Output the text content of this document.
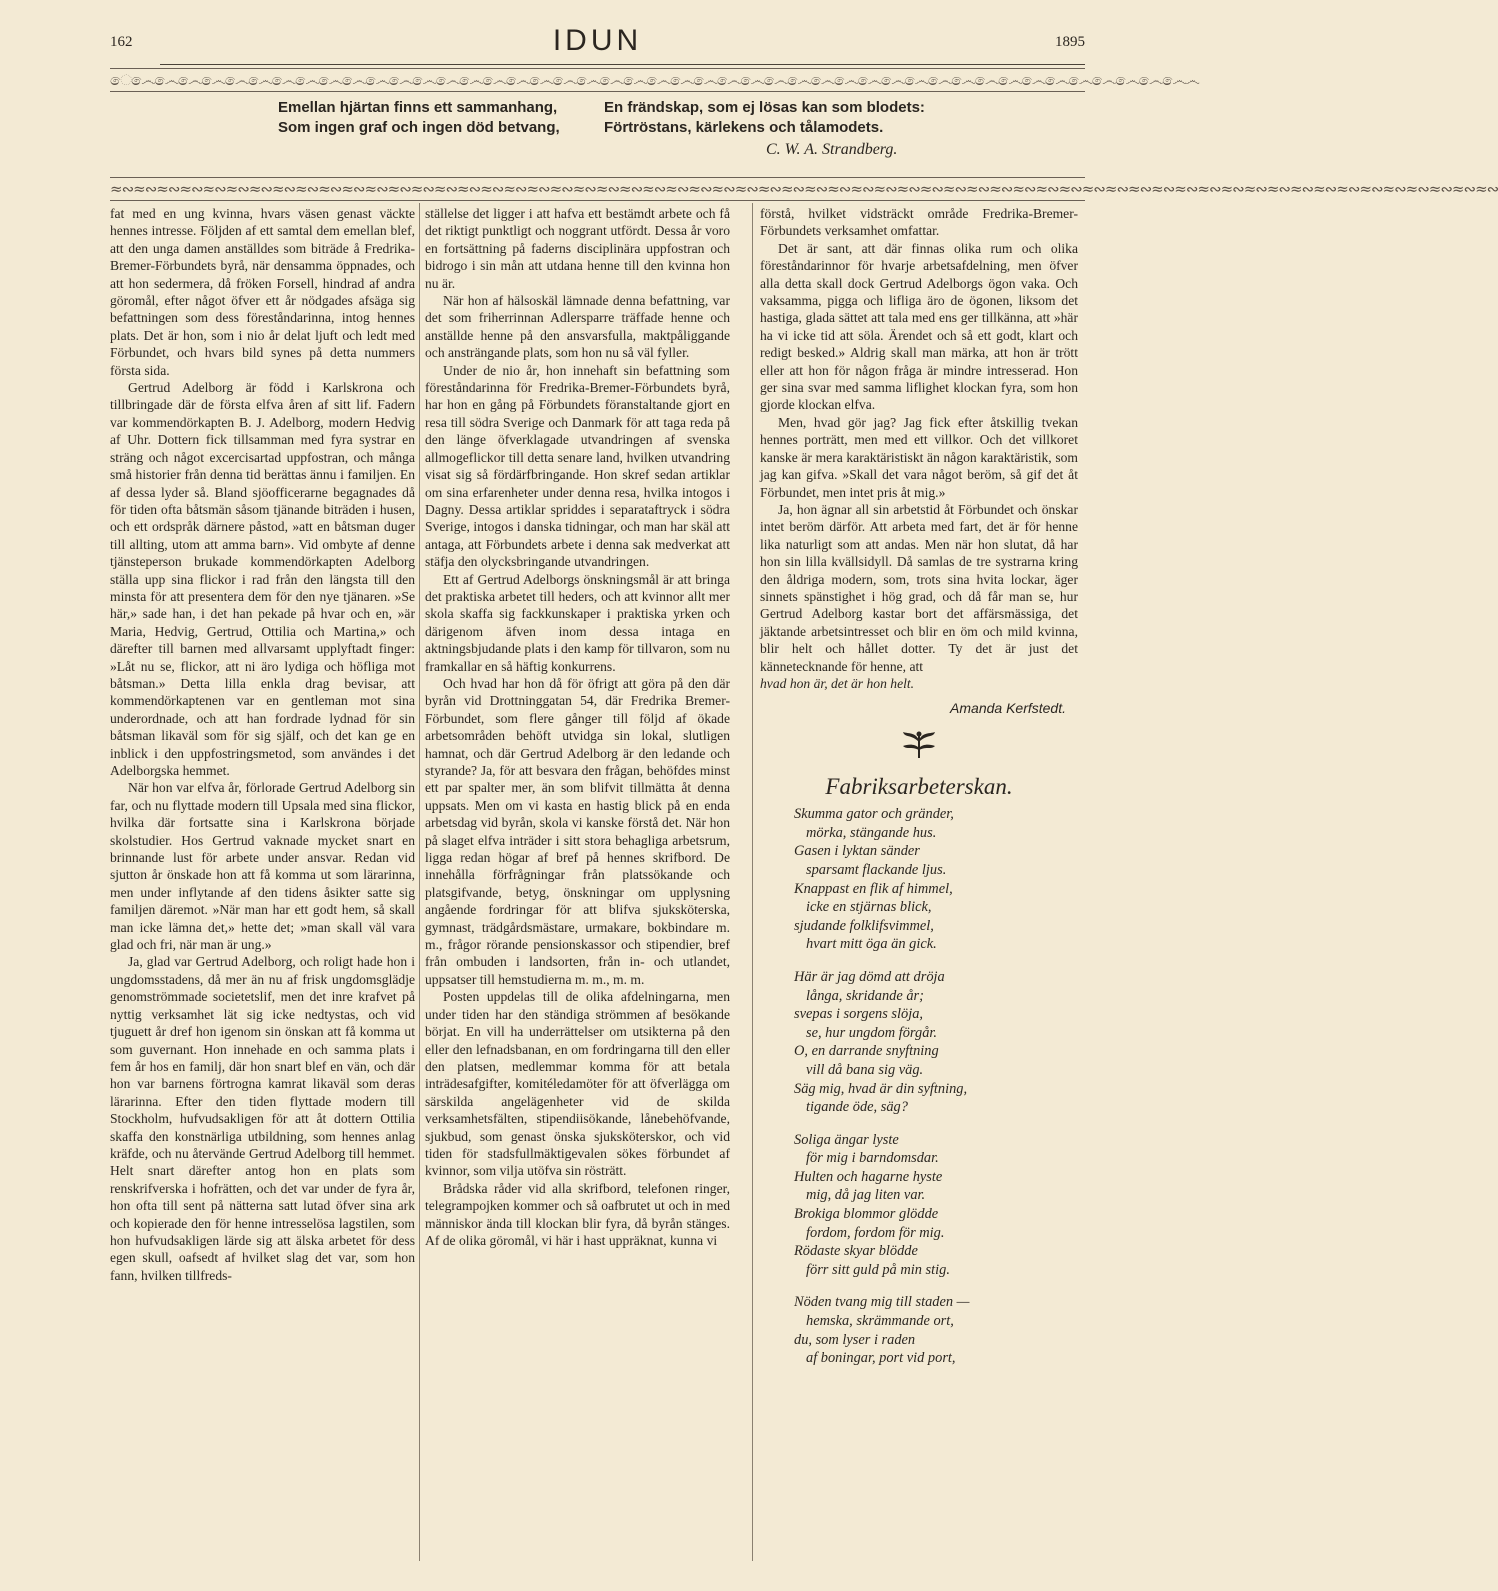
162	IDUN	1895
ෙ෴ෙ෴ෙ෴ෙ෴ෙ෴ෙ෴ෙ෴ෙ෴ෙ෴ෙ෴ෙ෴ෙ෴ෙ෴ෙ෴ෙ෴ෙ෴ෙ෴ෙ෴ෙ෴ෙ෴ෙ෴ෙ෴ෙ෴ෙ෴ෙ෴ෙ෴ෙ෴ෙ෴ෙ෴ෙ෴ෙ෴ෙ෴ෙ෴ෙ෴ෙ෴ෙ෴ෙ෴ෙ෴ෙ෴ෙ෴ෙ෴ෙ෴ෙ෴ෙ෴ෙ෴ෙ෴
Emellan hjärtan finns ett sammanhang,
Som ingen graf och ingen död betvang,
En frändskap, som ej lösas kan som blodets:
Förtröstans, kärlekens och tålamodets.
C. W. A. Strandberg.
≈∾≈∾≈∾≈∾≈∾≈∾≈∾≈∾≈∾≈∾≈∾≈∾≈∾≈∾≈∾≈∾≈∾≈∾≈∾≈∾≈∾≈∾≈∾≈∾≈∾≈∾≈∾≈∾≈∾≈∾≈∾≈∾≈∾≈∾≈∾≈∾≈∾≈∾≈∾≈∾≈∾≈∾≈∾≈∾≈∾≈∾≈∾≈∾≈∾≈∾≈∾≈∾≈∾≈∾≈∾≈∾≈∾≈∾≈∾≈∾

fat med en ung kvinna, hvars väsen genast väckte hennes intresse. Följden af ett samtal dem emellan blef, att den unga damen anställdes som biträde å Fredrika-Bremer-Förbundets byrå, när densamma öppnades, och att hon sedermera, då fröken Forsell, hindrad af andra göromål, efter något öfver ett år nödgades afsäga sig befattningen som dess föreståndarinna, intog hennes plats. Det är hon, som i nio år delat ljuft och ledt med Förbundet, och hvars bild synes på detta nummers första sida.

Gertrud Adelborg är född i Karlskrona och tillbringade där de första elfva åren af sitt lif. Fadern var kommendörkapten B. J. Adelborg, modern Hedvig af Uhr. Dottern fick tillsamman med fyra systrar en sträng och något excercisartad uppfostran, och många små historier från denna tid berättas ännu i familjen. En af dessa lyder så. Bland sjöofficerarne begagnades då för tiden ofta båtsmän såsom tjänande biträden i husen, och ett ordspråk därnere påstod, »att en båtsman duger till allting, utom att amma barn». Vid ombyte af denne tjänsteperson brukade kommendörkapten Adelborg ställa upp sina flickor i rad från den längsta till den minsta för att presentera dem för den nye tjänaren. »Se här,» sade han, i det han pekade på hvar och en, »är Maria, Hedvig, Gertrud, Ottilia och Martina,» och därefter till barnen med allvarsamt upplyftadt finger: »Låt nu se, flickor, att ni äro lydiga och höfliga mot båtsman.» Detta lilla enkla drag bevisar, att kommendörkaptenen var en gentleman mot sina underordnade, och att han fordrade lydnad för sin båtsman likaväl som för sig själf, och det kan ge en inblick i den uppfostringsmetod, som användes i det Adelborgska hemmet.

När hon var elfva år, förlorade Gertrud Adelborg sin far, och nu flyttade modern till Upsala med sina flickor, hvilka där fortsatte sina i Karlskrona började skolstudier. Hos Gertrud vaknade mycket snart en brinnande lust för arbete under ansvar. Redan vid sjutton år önskade hon att få komma ut som lärarinna, men under inflytande af den tidens åsikter satte sig familjen däremot. »När man har ett godt hem, så skall man icke lämna det,» hette det; »man skall väl vara glad och fri, när man är ung.»

Ja, glad var Gertrud Adelborg, och roligt hade hon i ungdomsstadens, då mer än nu af frisk ungdomsglädje genomströmmade societetslif, men det inre krafvet på nyttig verksamhet lät sig icke nedtystas, och vid tjuguett år dref hon igenom sin önskan att få komma ut som guvernant. Hon innehade en och samma plats i fem år hos en familj, där hon snart blef en vän, och där hon var barnens förtrogna kamrat likaväl som deras lärarinna. Efter den tiden flyttade modern till Stockholm, hufvudsakligen för att åt dottern Ottilia skaffa den konstnärliga utbildning, som hennes anlag kräfde, och nu återvände Gertrud Adelborg till hemmet. Helt snart därefter antog hon en plats som renskrifverska i hofrätten, och det var under de fyra år, hon ofta till sent på nätterna satt lutad öfver sina ark och kopierade den för henne intresselösa lagstilen, som hon hufvudsakligen lärde sig att älska arbetet för dess egen skull, oafsedt af hvilket slag det var, som hon fann, hvilken tillfreds-

ställelse det ligger i att hafva ett bestämdt arbete och få det riktigt punktligt och noggrant utfördt. Dessa år voro en fortsättning på faderns disciplinära uppfostran och bidrogo i sin mån att utdana henne till den kvinna hon nu är.

När hon af hälsoskäl lämnade denna befattning, var det som friherrinnan Adlersparre träffade henne och anställde henne på den ansvarsfulla, maktpåliggande och ansträngande plats, som hon nu så väl fyller.

Under de nio år, hon innehaft sin befattning som föreståndarinna för Fredrika-Bremer-Förbundets byrå, har hon en gång på Förbundets föranstaltande gjort en resa till södra Sverige och Danmark för att taga reda på den länge öfverklagade utvandringen af svenska allmogeflickor till detta senare land, hvilken utvandring visat sig så fördärfbringande. Hon skref sedan artiklar om sina erfarenheter under denna resa, hvilka intogos i Dagny. Dessa artiklar spriddes i separataftryck i södra Sverige, intogos i danska tidningar, och man har skäl att antaga, att Förbundets arbete i denna sak medverkat att stäfja den olycksbringande utvandringen.

Ett af Gertrud Adelborgs önskningsmål är att bringa det praktiska arbetet till heders, och att kvinnor allt mer skola skaffa sig fackkunskaper i praktiska yrken och därigenom äfven inom dessa intaga en aktningsbjudande plats i den kamp för tillvaron, som nu framkallar en så häftig konkurrens.

Och hvad har hon då för öfrigt att göra på den där byrån vid Drottninggatan 54, där Fredrika Bremer-Förbundet, som flere gånger till följd af ökade arbetsområden behöft utvidga sin lokal, slutligen hamnat, och där Gertrud Adelborg är den ledande och styrande? Ja, för att besvara den frågan, behöfdes minst ett par spalter mer, än som blifvit tillmätta åt denna uppsats. Men om vi kasta en hastig blick på en enda arbetsdag vid byrån, skola vi kanske förstå det. När hon på slaget elfva inträder i sitt stora behagliga arbetsrum, ligga redan högar af bref på hennes skrifbord. De innehålla förfrågningar från platssökande och platsgifvande, betyg, önskningar om upplysning angående fordringar för att blifva sjuksköterska, gymnast, trädgårdsmästare, urmakare, bokbindare m. m., frågor rörande pensionskassor och stipendier, bref från ombuden i landsorten, från in- och utlandet, uppsatser till hemstudierna m. m., m. m.

Posten uppdelas till de olika afdelningarna, men under tiden har den ständiga strömmen af besökande börjat. En vill ha underrättelser om utsikterna på den eller den lefnadsbanan, en om fordringarna till den eller den platsen, medlemmar komma för att betala inträdesafgifter, komitéledamöter för att öfverlägga om särskilda angelägenheter vid de skilda verksamhetsfälten, stipendiisökande, lånebehöfvande, sjukbud, som genast önska sjuksköterskor, och vid tiden för stadsfullmäktigevalen sökes förbundet af kvinnor, som vilja utöfva sin rösträtt.

Brådska råder vid alla skrifbord, telefonen ringer, telegrampojken kommer och så oafbrutet ut och in med människor ända till klockan blir fyra, då byrån stänges. Af de olika göromål, vi här i hast uppräknat, kunna vi

förstå, hvilket vidsträckt område Fredrika-Bremer-Förbundets verksamhet omfattar.

Det är sant, att där finnas olika rum och olika föreståndarinnor för hvarje arbetsafdelning, men öfver alla detta skall dock Gertrud Adelborgs ögon vaka. Och vaksamma, pigga och lifliga äro de ögonen, liksom det hastiga, glada sättet att tala med ens ger tillkänna, att »här ha vi icke tid att söla. Ärendet och så ett godt, klart och redigt besked.» Aldrig skall man märka, att hon är trött eller att hon för någon fråga är mindre intresserad. Hon ger sina svar med samma liflighet klockan fyra, som hon gjorde klockan elfva.

Men, hvad gör jag? Jag fick efter åtskillig tvekan hennes porträtt, men med ett villkor. Och det villkoret kanske är mera karaktäristiskt än någon karaktäristik, som jag kan gifva. »Skall det vara något beröm, så gif det åt Förbundet, men intet pris åt mig.»

Ja, hon ägnar all sin arbetstid åt Förbundet och önskar intet beröm därför. Att arbeta med fart, det är för henne lika naturligt som att andas. Men när hon slutat, då har hon sin lilla kvällsidyll. Då samlas de tre systrarna kring den åldriga modern, som, trots sina hvita lockar, äger sinnets spänstighet i hög grad, och då får man se, hur Gertrud Adelborg kastar bort det affärsmässiga, det jäktande arbetsintresset och blir en öm och mild kvinna, blir helt och hållet dotter. Ty det är just det kännetecknande för henne, att

hvad hon är, det är hon helt.

Amanda Kerfstedt.
Fabriksarbeterskan.
Skumma gator och gränder,
mörka, stängande hus.
Gasen i lyktan sänder
sparsamt flackande ljus.
Knappast en flik af himmel,
icke en stjärnas blick,
sjudande folklifsvimmel,
hvart mitt öga än gick.
Här är jag dömd att dröja
långa, skridande år;
svepas i sorgens slöja,
se, hur ungdom förgår.
O, en darrande snyftning
vill då bana sig väg.
Säg mig, hvad är din syftning,
tigande öde, säg?
Soliga ängar lyste
för mig i barndomsdar.
Hulten och hagarne hyste
mig, då jag liten var.
Brokiga blommor glödde
fordom, fordom för mig.
Rödaste skyar blödde
förr sitt guld på min stig.
Nöden tvang mig till staden —
hemska, skrämmande ort,
du, som lyser i raden
af boningar, port vid port,
